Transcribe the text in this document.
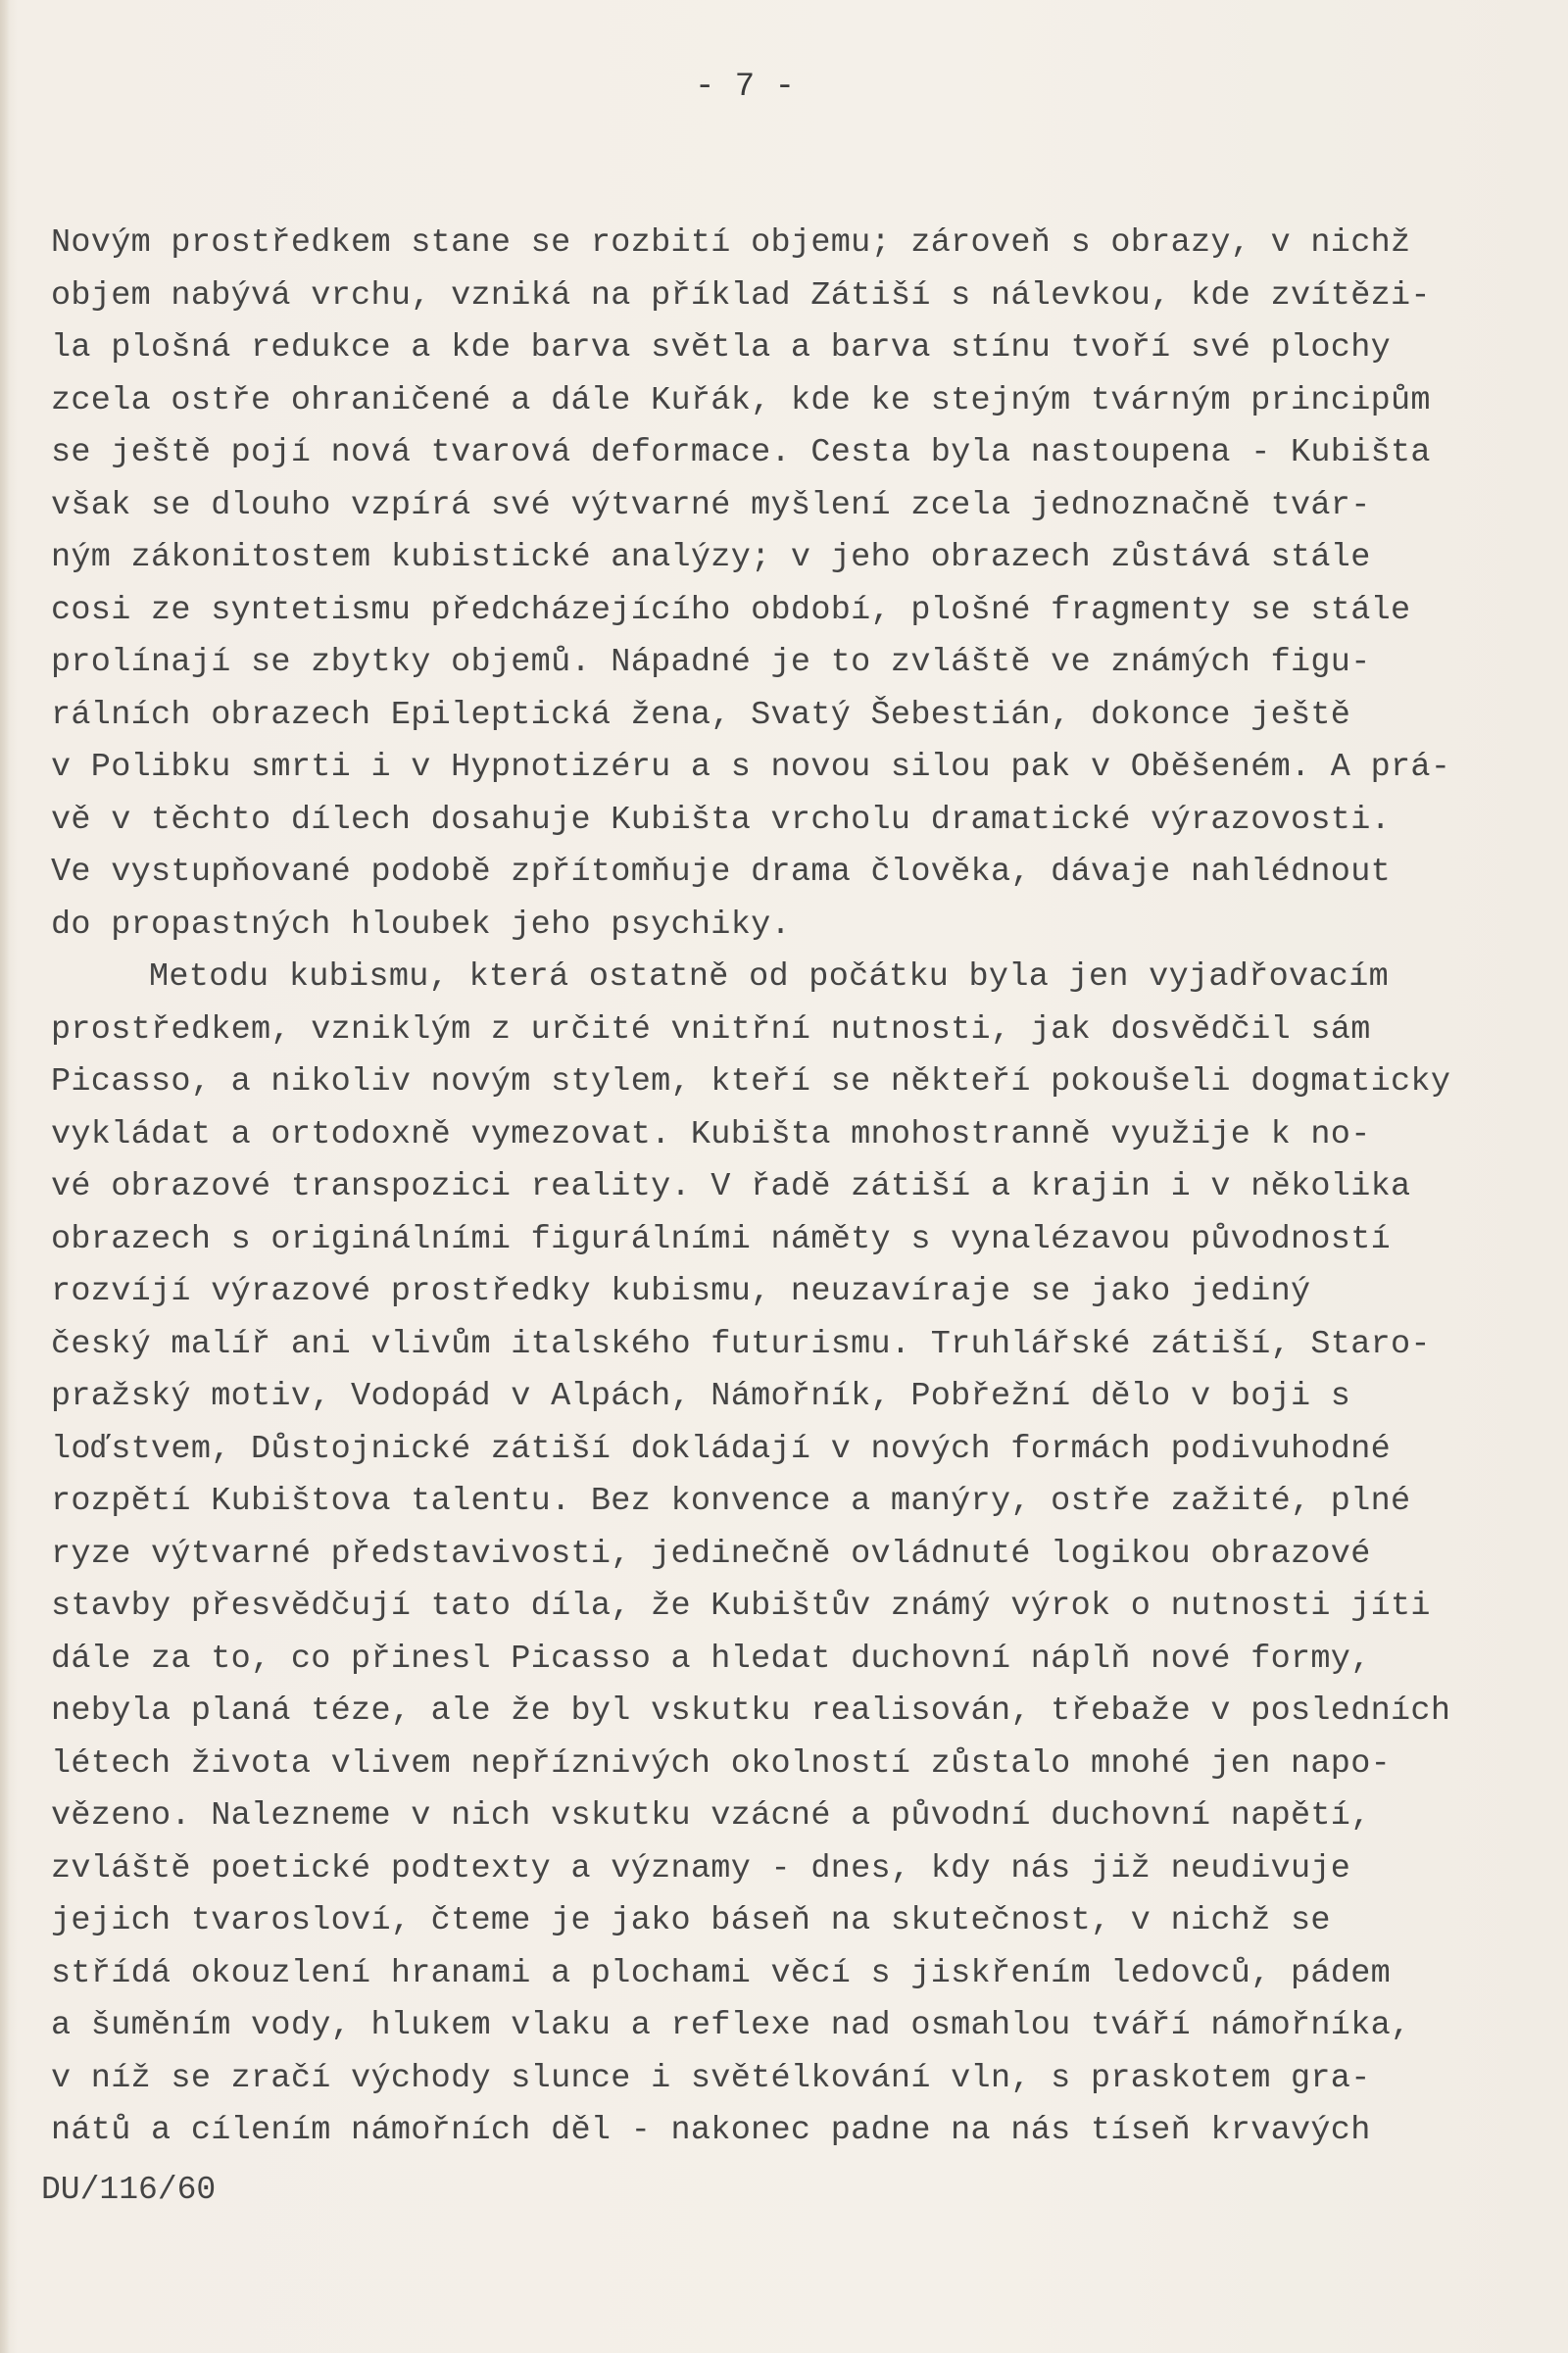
- 7 -
Novým prostředkem stane se rozbití objemu; zároveň s obrazy, v nichž
objem nabývá vrchu, vzniká na příklad Zátiší s nálevkou, kde zvítězi-
la plošná redukce a kde barva světla a barva stínu tvoří své plochy
zcela ostře ohraničené a dále Kuřák, kde ke stejným tvárným principům
se ještě pojí nová tvarová deformace. Cesta byla nastoupena - Kubišta
však se dlouho vzpírá své výtvarné myšlení zcela jednoznačně tvár-
ným zákonitostem kubistické analýzy; v jeho obrazech zůstává stále
cosi ze syntetismu předcházejícího období, plošné fragmenty se stále
prolínají se zbytky objemů. Nápadné je to zvláště ve známých figu-
rálních obrazech Epileptická žena, Svatý Šebestián, dokonce ještě
v Polibku smrti i v Hypnotizéru a s novou silou pak v Oběšeném. A prá-
vě v těchto dílech dosahuje Kubišta vrcholu dramatické výrazovosti.
Ve vystupňované podobě zpřítomňuje drama člověka, dávaje nahlédnout
do propastných hloubek jeho psychiky.
Metodu kubismu, která ostatně od počátku byla jen vyjadřovacím
prostředkem, vzniklým z určité vnitřní nutnosti, jak dosvědčil sám
Picasso, a nikoliv novým stylem, kteří se někteří pokoušeli dogmaticky
vykládat a ortodoxně vymezovat. Kubišta mnohostranně využije k no-
vé obrazové transpozici reality. V řadě zátiší a krajin i v několika
obrazech s originálními figurálními náměty s vynalézavou původností
rozvíjí výrazové prostředky kubismu, neuzavíraje se jako jediný
český malíř ani vlivům italského futurismu. Truhlářské zátiší, Staro-
pražský motiv, Vodopád v Alpách, Námořník, Pobřežní dělo v boji s
loďstvem, Důstojnické zátiší dokládají v nových formách podivuhodné
rozpětí Kubištova talentu. Bez konvence a manýry, ostře zažité, plné
ryze výtvarné představivosti, jedinečně ovládnuté logikou obrazové
stavby přesvědčují tato díla, že Kubištův známý výrok o nutnosti jíti
dále za to, co přinesl Picasso a hledat duchovní náplň nové formy,
nebyla planá téze, ale že byl vskutku realisován, třebaže v posledních
létech života vlivem nepříznivých okolností zůstalo mnohé jen napo-
vězeno. Nalezneme v nich vskutku vzácné a původní duchovní napětí,
zvláště poetické podtexty a významy - dnes, kdy nás již neudivuje
jejich tvarosloví, čteme je jako báseň na skutečnost, v nichž se
střídá okouzlení hranami a plochami věcí s jiskřením ledovců, pádem
a šuměním vody, hlukem vlaku a reflexe nad osmahlou tváří námořníka,
v níž se zračí východy slunce i světélkování vln, s praskotem gra-
nátů a cílením námořních děl - nakonec padne na nás tíseň krvavých
DU/116/60
